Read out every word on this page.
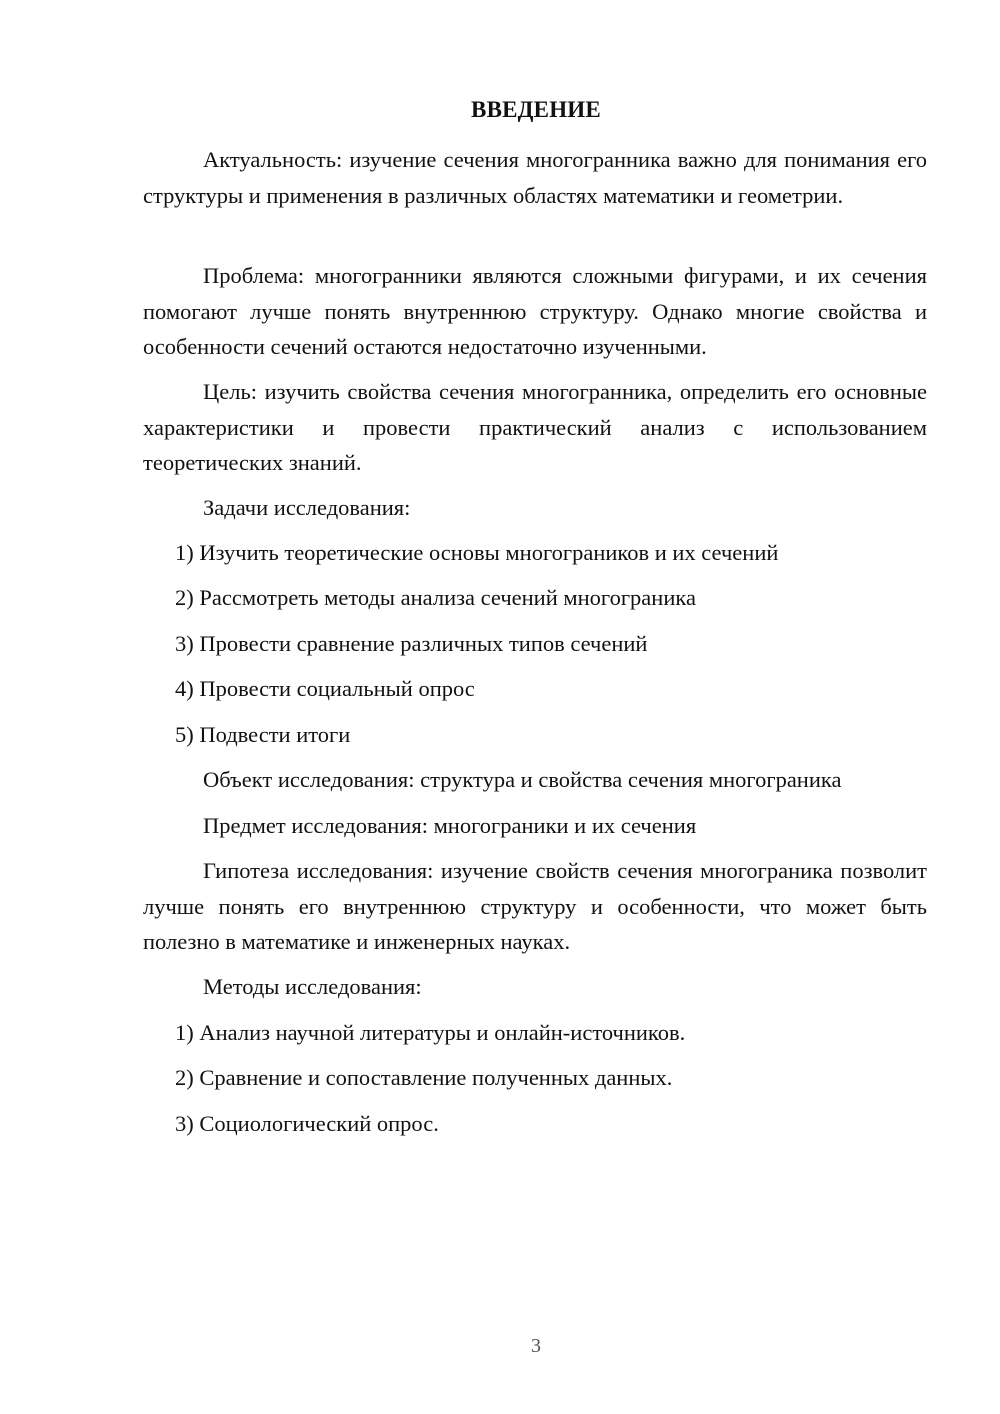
ВВЕДЕНИЕ

Актуальность: изучение сечения многогранника важно для понимания его структуры и применения в различных областях математики и геометрии.

Проблема: многогранники являются сложными фигурами, и их сечения помогают лучше понять внутреннюю структуру. Однако многие свойства и особенности сечений остаются недостаточно изученными.

Цель: изучить свойства сечения многогранника, определить его основные характеристики и провести практический анализ с использованием теоретических знаний.

Задачи исследования:

1) Изучить теоретические основы многограников и их сечений

2) Рассмотреть методы анализа сечений многограника

3) Провести сравнение различных типов сечений

4) Провести социальный опрос

5) Подвести итоги

Объект исследования: структура и свойства сечения многограника

Предмет исследования: многограники и их сечения

Гипотеза исследования: изучение свойств сечения многограника позволит лучше понять его внутреннюю структуру и особенности, что может быть полезно в математике и инженерных науках.

Методы исследования:

1) Анализ научной литературы и онлайн-источников.

2) Сравнение и сопоставление полученных данных.

3) Социологический опрос.

3
